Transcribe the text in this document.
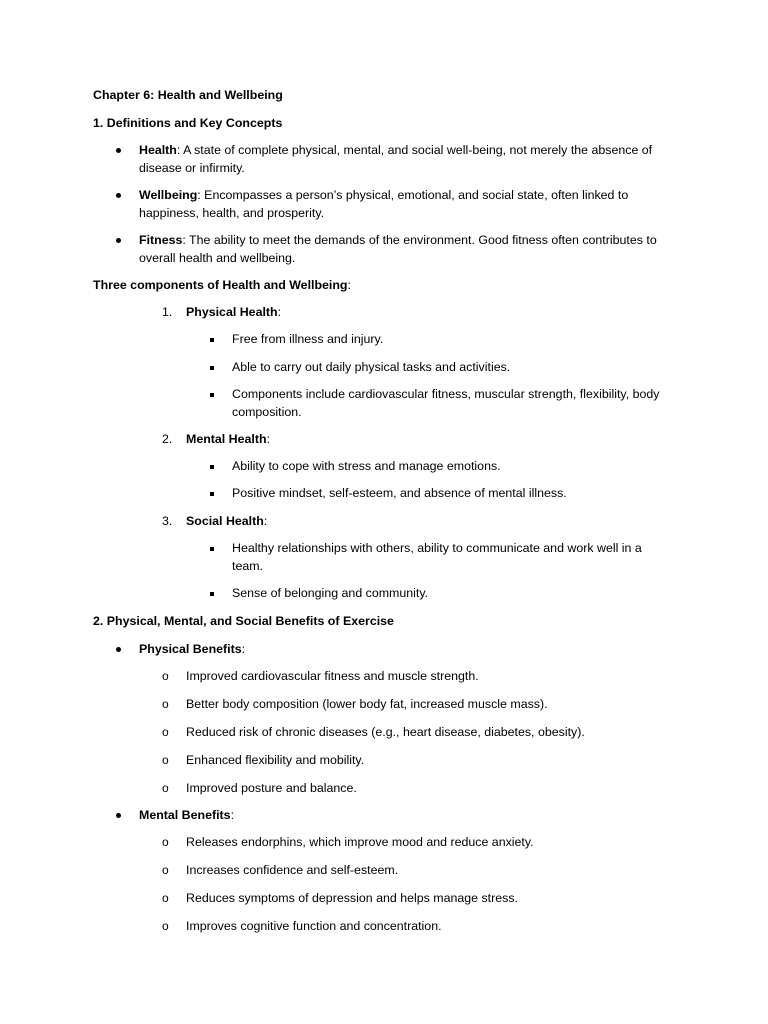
Chapter 6: Health and Wellbeing
1. Definitions and Key Concepts
Health: A state of complete physical, mental, and social well-being, not merely the absence of disease or infirmity.
Wellbeing: Encompasses a person’s physical, emotional, and social state, often linked to happiness, health, and prosperity.
Fitness: The ability to meet the demands of the environment. Good fitness often contributes to overall health and wellbeing.
Three components of Health and Wellbeing:
1. Physical Health:
Free from illness and injury.
Able to carry out daily physical tasks and activities.
Components include cardiovascular fitness, muscular strength, flexibility, body composition.
2. Mental Health:
Ability to cope with stress and manage emotions.
Positive mindset, self-esteem, and absence of mental illness.
3. Social Health:
Healthy relationships with others, ability to communicate and work well in a team.
Sense of belonging and community.
2. Physical, Mental, and Social Benefits of Exercise
Physical Benefits:
o Improved cardiovascular fitness and muscle strength.
o Better body composition (lower body fat, increased muscle mass).
o Reduced risk of chronic diseases (e.g., heart disease, diabetes, obesity).
o Enhanced flexibility and mobility.
o Improved posture and balance.
Mental Benefits:
o Releases endorphins, which improve mood and reduce anxiety.
o Increases confidence and self-esteem.
o Reduces symptoms of depression and helps manage stress.
o Improves cognitive function and concentration.
